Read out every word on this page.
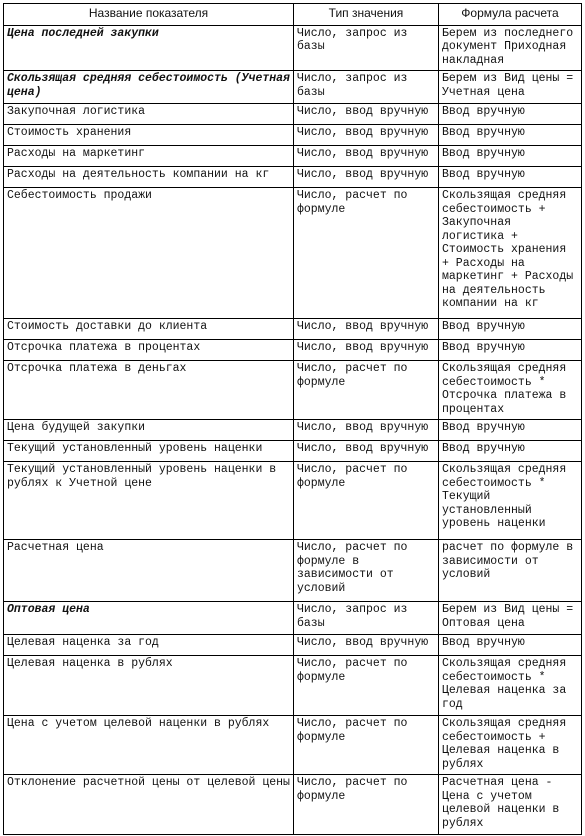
Название показателя	Тип значения	Формула расчета
Цена последней закупки	Число, запрос из базы	Берем из последнего документ Приходная накладная
Скользящая средняя себестоимость (Учетная цена)	Число, запрос из базы	Берем из Вид цены = Учетная цена
Закупочная логистика	Число, ввод вручную	Ввод вручную
Стоимость хранения	Число, ввод вручную	Ввод вручную
Расходы на маркетинг	Число, ввод вручную	Ввод вручную
Расходы на деятельность компании на кг	Число, ввод вручную	Ввод вручную
Себестоимость продажи	Число, расчет по формуле	Скользящая средняя себестоимость + Закупочная логистика + Стоимость хранения + Расходы на маркетинг + Расходы на деятельность компании на кг
Стоимость доставки до клиента	Число, ввод вручную	Ввод вручную
Отсрочка платежа в процентах	Число, ввод вручную	Ввод вручную
Отсрочка платежа в деньгах	Число, расчет по формуле	Скользящая средняя себестоимость * Отсрочка платежа в процентах
Цена будущей закупки	Число, ввод вручную	Ввод вручную
Текущий установленный уровень наценки	Число, ввод вручную	Ввод вручную
Текущий установленный уровень наценки в рублях к Учетной цене	Число, расчет по формуле	Скользящая средняя себестоимость * Текущий установленный уровень наценки
Расчетная цена	Число, расчет по формуле в зависимости от условий	расчет по формуле в зависимости от условий
Оптовая цена	Число, запрос из базы	Берем из Вид цены = Оптовая цена
Целевая наценка за год	Число, ввод вручную	Ввод вручную
Целевая наценка в рублях	Число, расчет по формуле	Скользящая средняя себестоимость * Целевая наценка за год
Цена с учетом целевой наценки в рублях	Число, расчет по формуле	Скользящая средняя себестоимость + Целевая наценка в рублях
Отклонение расчетной цены от целевой цены	Число, расчет по формуле	Расчетная цена - Цена с учетом целевой наценки в рублях
